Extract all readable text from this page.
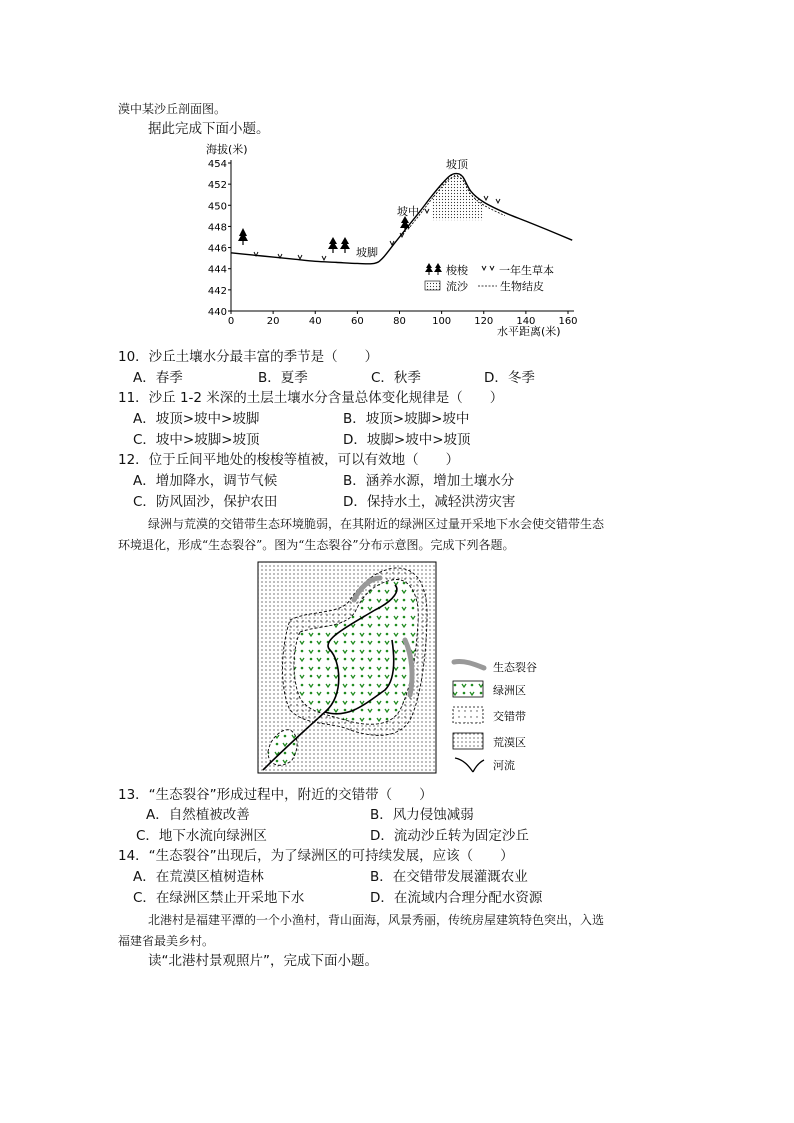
漠中某沙丘剖面图。
据此完成下面小题。
海拔(米)
水平距离(米)
454
452
450
448
446
444
442
440
0	20	40	60	80	100 120 140 160
坡顶
坡中
坡脚
梭梭	一年生草本
流沙	生物结皮
10．沙丘土壤水分最丰富的季节是（　　）
A．春季	B．夏季	C．秋季	D．冬季
11．沙丘 1-2 米深的土层土壤水分含量总体变化规律是（　　）
A．坡顶>坡中>坡脚	B．坡顶>坡脚>坡中
C．坡中>坡脚>坡顶	D．坡脚>坡中>坡顶
12．位于丘间平地处的梭梭等植被，可以有效地（　　）
A．增加降水，调节气候	B．涵养水源，增加土壤水分
C．防风固沙，保护农田	D．保持水土，减轻洪涝灾害
绿洲与荒漠的交错带生态环境脆弱，在其附近的绿洲区过量开采地下水会使交错带生态
环境退化，形成“生态裂谷”。图为“生态裂谷”分布示意图。完成下列各题。
生态裂谷
绿洲区
交错带
荒漠区
河流
13．“生态裂谷”形成过程中，附近的交错带（　　）
A．自然植被改善	B．风力侵蚀减弱
C．地下水流向绿洲区	D．流动沙丘转为固定沙丘
14．“生态裂谷”出现后，为了绿洲区的可持续发展，应该（　　）
A．在荒漠区植树造林	B．在交错带发展灌溉农业
C．在绿洲区禁止开采地下水	D．在流域内合理分配水资源
北港村是福建平潭的一个小渔村，背山面海，风景秀丽，传统房屋建筑特色突出，入选
福建省最美乡村。
读“北港村景观照片”，完成下面小题。
